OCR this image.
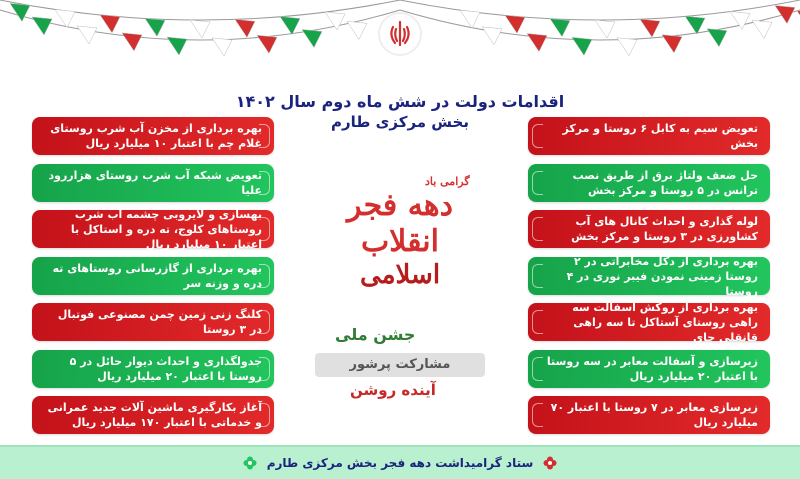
اقدامات دولت در شش ماه دوم سال ۱۴۰۲
بخش مرکزی طارم
بهره برداری از مخزن آب شرب روستای غلام چم با اعتبار ۱۰ میلیارد ریال
تعویض شبکه آب شرب روستای هزاررود علیا
بهسازی و لایروبی چشمه آب شرب روستاهای کلوج، ته دره و استاکل با اعتبار ۱۰ میلیارد ریال
بهره برداری از گازرسانی روستاهای ته دره و وزنه سر
کلنگ زنی زمین چمن مصنوعی فوتبال در ۳ روستا
جدولگذاری و احداث دیوار حائل در ۵ روستا با اعتبار ۲۰ میلیارد ریال
آغاز بکارگیری ماشین آلات جدید عمرانی و خدماتی با اعتبار ۱۷۰ میلیارد ریال
تعویض سیم به کابل ۶ روستا و مرکز بخش
حل ضعف ولتاژ برق از طریق نصب ترانس در ۵ روستا و مرکز بخش
لوله گذاری و احداث کانال های آب کشاورزی در ۳ روستا و مرکز بخش
بهره برداری از دکل مخابراتی در ۲ روستا زمینی نمودن فیبر نوری در ۴ روستا
بهره برداری از روکش آسفالت سه راهی روستای آستاکل تا سه راهی قانقلی چای
زیرسازی و آسفالت معابر در سه روستا با اعتبار ۲۰ میلیارد ریال
زیرسازی معابر در ۷ روستا با اعتبار ۷۰ میلیارد ریال
گرامی باد
دهه فجر انقلاب
اسلامی
جشن ملی
مشارکت پرشور
آینده روشن
ستاد گرامیداشت دهه فجر بخش مرکزی طارم
